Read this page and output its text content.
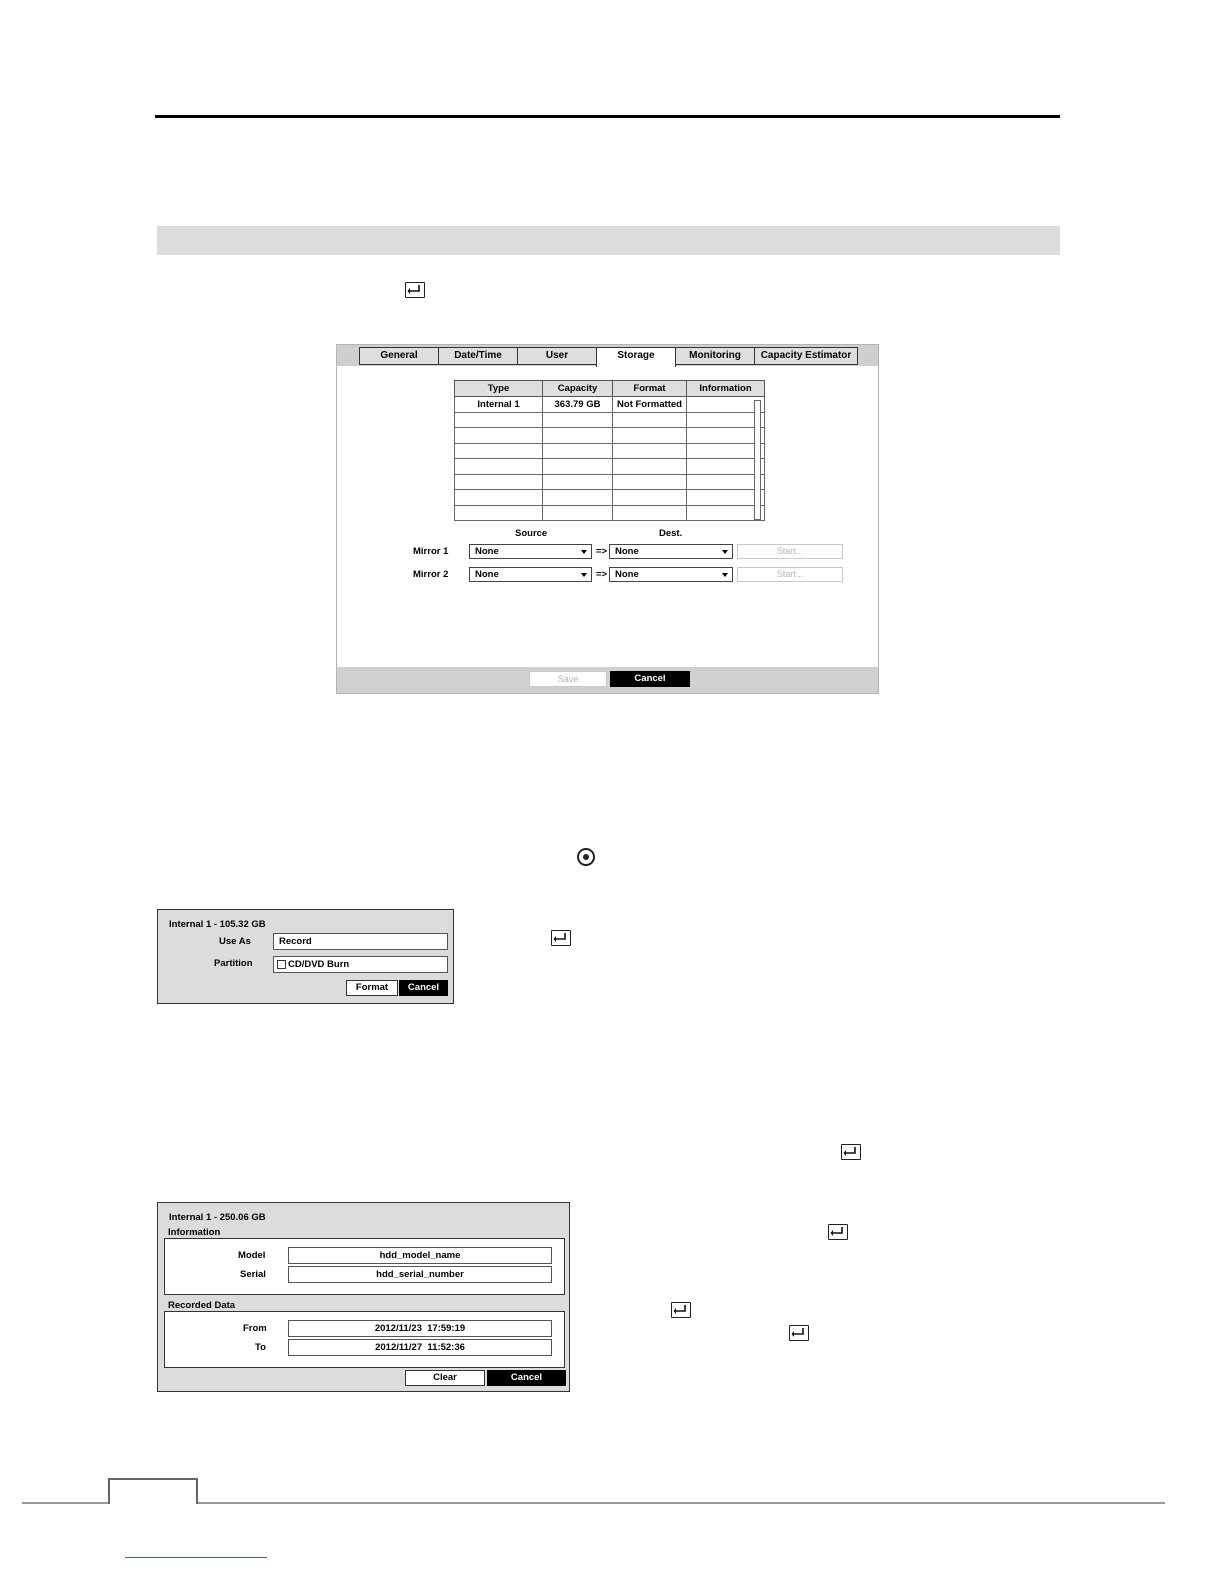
General	Date/Time	User	Storage	Monitoring	Capacity Estimator
Type	Capacity	Format	Information
Internal 1	363.79 GB	Not Formatted	

Source	Dest.
Mirror 1	None	=> None	Start...
Mirror 2	None	=> None	Start...
Save	Cancel
Internal 1 - 105.32 GB
Use As	Record
Partition	CD/DVD Burn
Format	Cancel
Internal 1 - 250.06 GB
Information
Model	hdd_model_name
Serial	hdd_serial_number
Recorded Data
From	2012/11/23  17:59:19
To	2012/11/27  11:52:36
Clear	Cancel
